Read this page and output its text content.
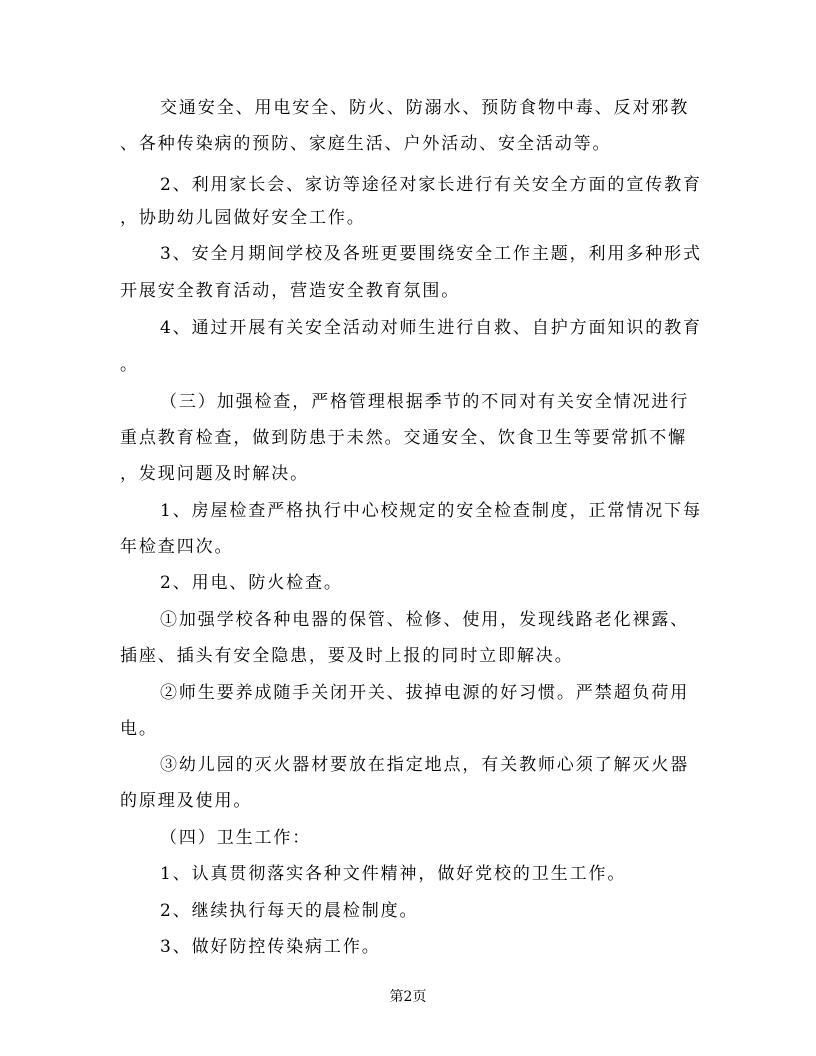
交通安全、用电安全、防火、防溺水、预防食物中毒、反对邪教
、各种传染病的预防、家庭生活、户外活动、安全活动等。
2、利用家长会、家访等途径对家长进行有关安全方面的宣传教育
，协助幼儿园做好安全工作。
3、安全月期间学校及各班更要围绕安全工作主题，利用多种形式
开展安全教育活动，营造安全教育氛围。
4、通过开展有关安全活动对师生进行自救、自护方面知识的教育
。
（三）加强检查，严格管理根据季节的不同对有关安全情况进行
重点教育检查，做到防患于未然。交通安全、饮食卫生等要常抓不懈
，发现问题及时解决。
1、房屋检查严格执行中心校规定的安全检查制度，正常情况下每
年检查四次。
2、用电、防火检查。
①加强学校各种电器的保管、检修、使用，发现线路老化裸露、
插座、插头有安全隐患，要及时上报的同时立即解决。
②师生要养成随手关闭开关、拔掉电源的好习惯。严禁超负荷用
电。
③幼儿园的灭火器材要放在指定地点，有关教师心须了解灭火器
的原理及使用。
（四）卫生工作：
1、认真贯彻落实各种文件精神，做好党校的卫生工作。
2、继续执行每天的晨检制度。
3、做好防控传染病工作。
第2页
